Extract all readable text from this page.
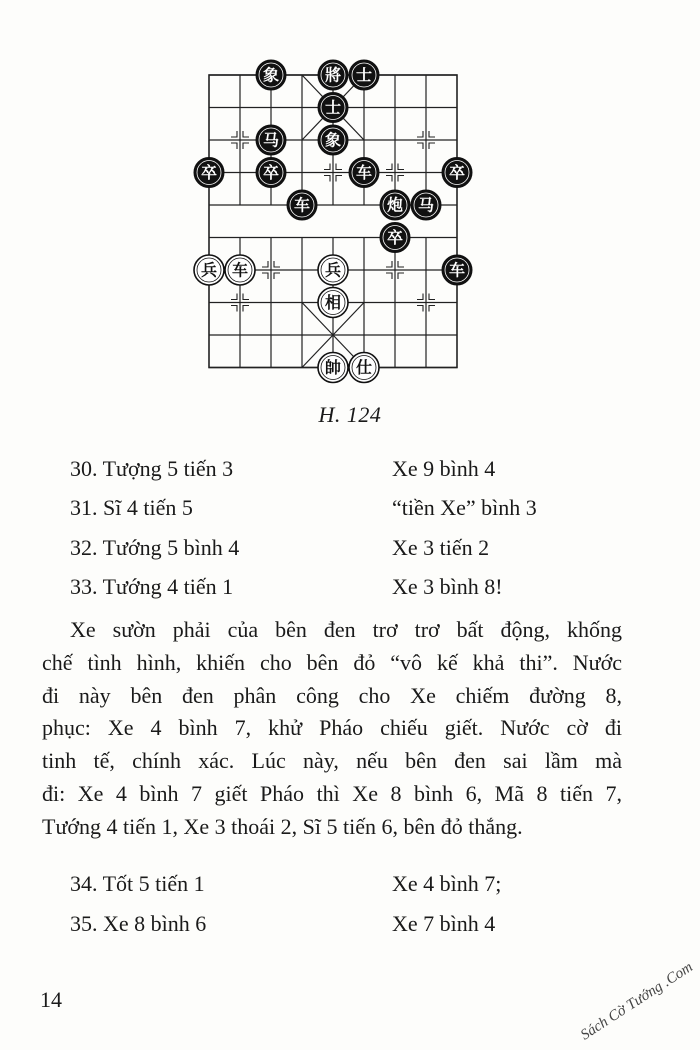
象	將 士
士
马	象
卒	卒	车	卒
车	炮 马
卒
兵 车	兵	车
相
帥 仕
H. 124
30. Tượng 5 tiến 3	Xe 9 bình 4
31. Sĩ 4 tiến 5	“tiền Xe” bình 3
32. Tướng 5 bình 4	Xe 3 tiến 2
33. Tướng 4 tiến 1	Xe 3 bình 8!
Xe sườn phải của bên đen trơ trơ bất động, khống
chế tình hình, khiến cho bên đỏ “vô kế khả thi”. Nước
đi này bên đen phân công cho Xe chiếm đường 8,
phục: Xe 4 bình 7, khử Pháo chiếu giết. Nước cờ đi
tinh tế, chính xác. Lúc này, nếu bên đen sai lầm mà
đi: Xe 4 bình 7 giết Pháo thì Xe 8 bình 6, Mã 8 tiến 7,
Tướng 4 tiến 1, Xe 3 thoái 2, Sĩ 5 tiến 6, bên đỏ thắng.
34. Tốt 5 tiến 1	Xe 4 bình 7;
35. Xe 8 bình 6	Xe 7 bình 4
14	Sách Cờ Tướng .Com
